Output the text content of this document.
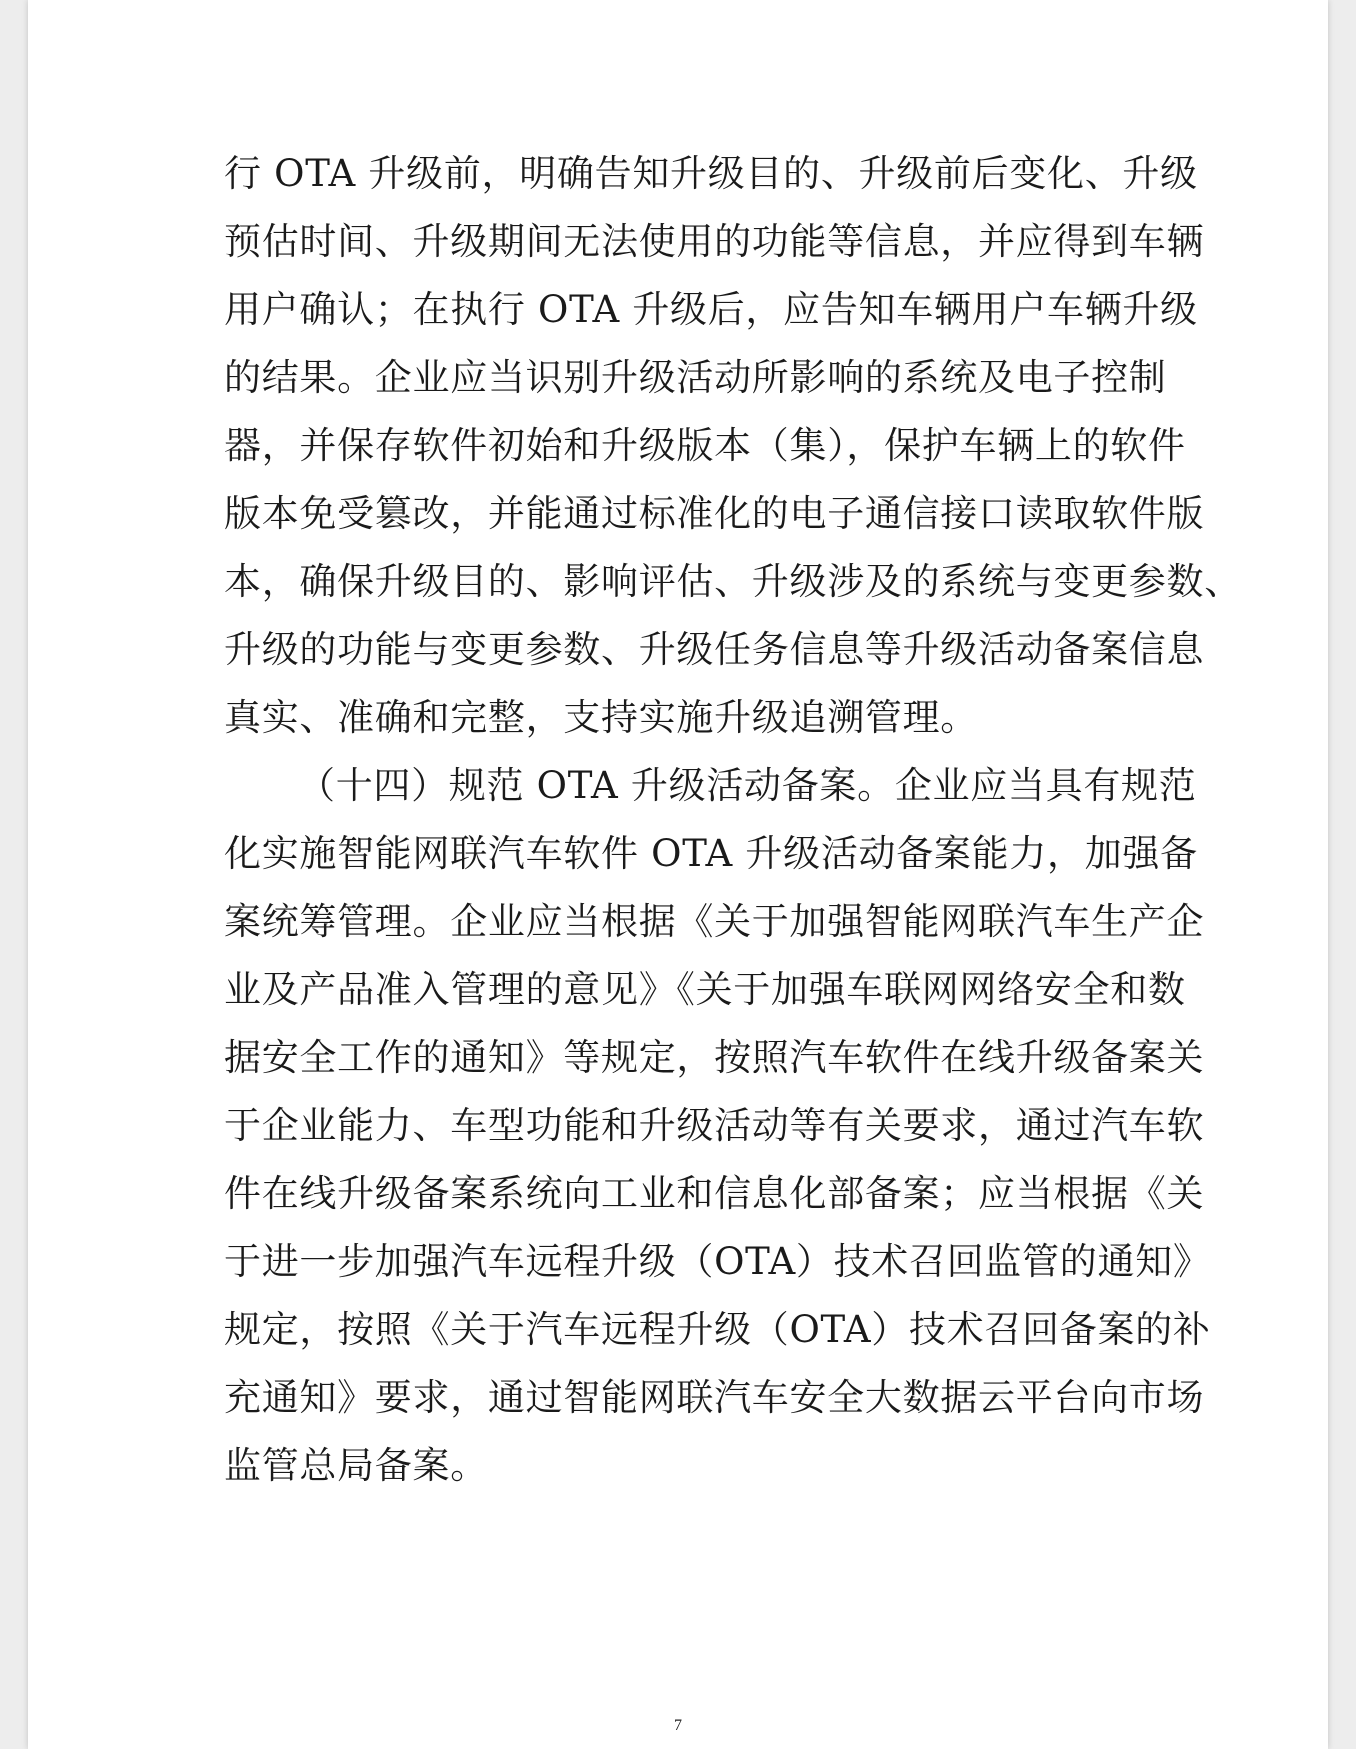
行 OTA 升级前，明确告知升级目的、升级前后变化、升级
预估时间、升级期间无法使用的功能等信息，并应得到车辆
用户确认；在执行 OTA 升级后，应告知车辆用户车辆升级
的结果。企业应当识别升级活动所影响的系统及电子控制
器，并保存软件初始和升级版本（集），保护车辆上的软件
版本免受篡改，并能通过标准化的电子通信接口读取软件版
本，确保升级目的、影响评估、升级涉及的系统与变更参数、
升级的功能与变更参数、升级任务信息等升级活动备案信息
真实、准确和完整，支持实施升级追溯管理。
（十四）规范 OTA 升级活动备案。企业应当具有规范
化实施智能网联汽车软件 OTA 升级活动备案能力，加强备
案统筹管理。企业应当根据《关于加强智能网联汽车生产企
业及产品准入管理的意见》《关于加强车联网网络安全和数
据安全工作的通知》等规定，按照汽车软件在线升级备案关
于企业能力、车型功能和升级活动等有关要求，通过汽车软
件在线升级备案系统向工业和信息化部备案；应当根据《关
于进一步加强汽车远程升级（OTA）技术召回监管的通知》
规定，按照《关于汽车远程升级（OTA）技术召回备案的补
充通知》要求，通过智能网联汽车安全大数据云平台向市场
监管总局备案。
7
